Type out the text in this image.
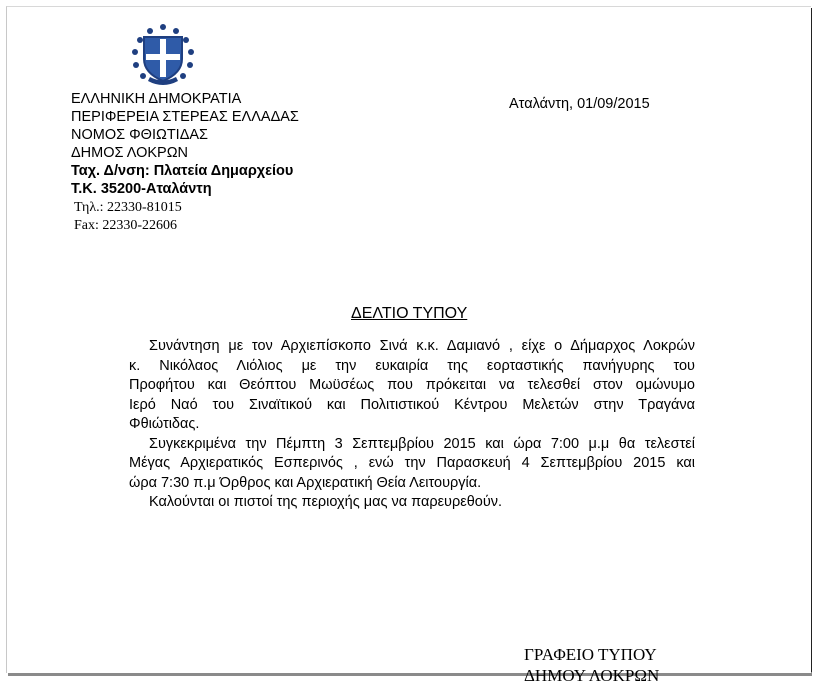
ΕΛΛΗΝΙΚΗ ΔΗΜΟΚΡΑΤΙΑ
ΠΕΡΙΦΕΡΕΙΑ ΣΤΕΡΕΑΣ ΕΛΛΑΔΑΣ
ΝΟΜΟΣ ΦΘΙΩΤΙΔΑΣ
ΔΗΜΟΣ ΛΟΚΡΩΝ
Ταχ. Δ/νση: Πλατεία Δημαρχείου
Τ.Κ. 35200-Αταλάντη
Τηλ.: 22330-81015
Fax: 22330-22606
Αταλάντη, 01/09/2015
ΔΕΛΤΙΟ ΤΥΠΟΥ
Συνάντηση με τον Αρχιεπίσκοπο Σινά κ.κ. Δαμιανό , είχε ο Δήμαρχος Λοκρών
κ. Νικόλαος Λιόλιος με την ευκαιρία της εορταστικής πανήγυρης του
Προφήτου και Θεόπτου Μωϋσέως που πρόκειται να τελεσθεί στον ομώνυμο
Ιερό Ναό του Σιναϊτικού και Πολιτιστικού Κέντρου Μελετών στην Τραγάνα
Φθιώτιδας.
Συγκεκριμένα την Πέμπτη 3 Σεπτεμβρίου 2015 και ώρα 7:00 μ.μ θα τελεστεί
Μέγας Αρχιερατικός Εσπερινός , ενώ την Παρασκευή 4 Σεπτεμβρίου 2015 και
ώρα 7:30 π.μ Όρθρος και Αρχιερατική Θεία Λειτουργία.
Καλούνται οι πιστοί της περιοχής μας να παρευρεθούν.
ΓΡΑΦΕΙΟ ΤΥΠΟΥ
ΔΗΜΟΥ ΛΟΚΡΩΝ
